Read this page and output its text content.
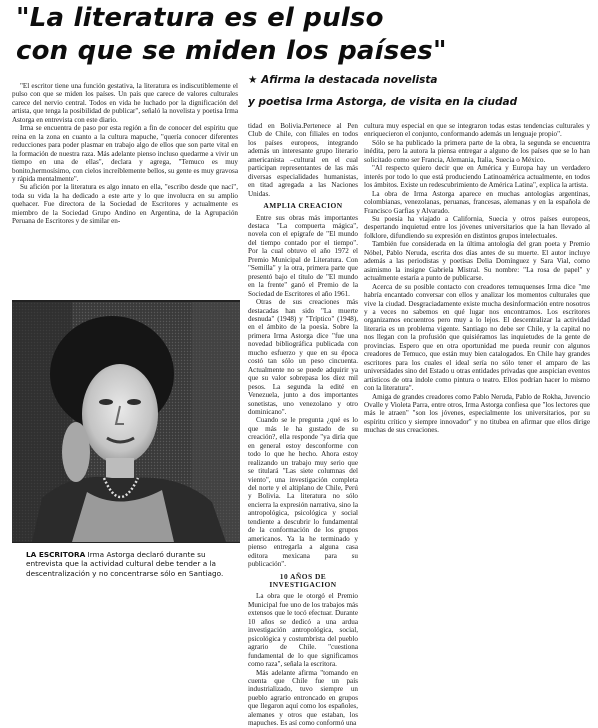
"La literatura es el pulso
con que se miden los países"
★ Afirma la destacada novelista
y poetisa Irma Astorga, de visita en la ciudad

"El escritor tiene una función gestativa, la literatura es indiscutiblemente el pulso con que se miden los países. Un país que carece de valores culturales carece del nervio central. Todos en vida he luchado por la dignificación del artista, que tenga la posibilidad de publicar", señaló la novelista y poetisa Irma Astorga en entrevista con este diario.

Irma se encuentra de paso por esta región a fin de conocer del espíritu que reina en la zona en cuanto a la cultura mapuche, "quería conocer diferentes reducciones para poder plasmar en trabajo algo de ellos que son parte vital en la formación de nuestra raza. Más adelante pienso incluso quedarme a vivir un tiempo en una de ellas", declara y agrega, "Temuco es muy bonito,hermosísimo, con cielos increíblemente bellos, su gente es muy gravosa y rápida mentalmente".

Su afición por la literatura es algo innato en ella, "escribo desde que nací", toda su vida la ha dedicado a este arte y lo que involucra en su amplio quehacer. Fue directora de la Sociedad de Escritores y actualmente es miembro de la Sociedad Grupo Andino en Argentina, de la Agrupación Peruana de Escritores y de similar en-

LA ESCRITORA Irma Astorga declaró durante su entrevista que la actividad cultural debe tender a la descentralización y no concentrarse sólo en Santiago.

tidad en Bolivia.Pertenece al Pen Club de Chile, con filiales en todos los países europeos, integrando además un interesante grupo literario americanista –cultural en el cual participan representantes de las más diversas especialidades humanistas, en titad agregada a las Naciones Unidas.

AMPLIA CREACION

Entre sus obras más importantes destaca "La compuerta mágica", novela con el epígrafe de "El mundo del tiempo contado por el tiempo". Por la cual obtuvo el año 1972 el Premio Municipal de Literatura. Con "Semilla" y la otra, primera parte que presentó bajo el título de "El mundo en la frente" ganó el Premio de la Sociedad de Escritores el año 1961.

Otras de sus creaciones más destacadas han sido "La muerte desnuda" (1948) y "Tríptico" (1948), en el ámbito de la poesía. Sobre la primera Irma Astorga dice "fue una novedad bibliográfica publicada con mucho esfuerzo y que en su época costó tan sólo un peso cincuenta. Actualmente no se puede adquirir ya que su valor sobrepasa los diez mil pesos. La segunda la edité en Venezuela, junto a dos importantes sonetistas, uno venezolano y otro dominicano".

Cuando se le pregunta ¿qué es lo que más le ha gustado de su creación?, ella responde "ya diría que en general estoy desconforme con todo lo que he hecho. Ahora estoy realizando un trabajo muy serio que se titulará "Las siete columnas del viento", una investigación completa del norte y el altiplano de Chile, Perú y Bolivia. La literatura no sólo encierra la expresión narrativa, sino la antropológica, psicológica y social tendiente a descubrir lo fundamental de la conformación de los grupos americanos. Ya la he terminado y pienso entregarla a alguna casa editora mexicana para su publicación".

10 AÑOS DE INVESTIGACION

La obra que le otorgó el Premio Municipal fue uno de los trabajos más extensos que le tocó efectuar. Durante 10 años se dedicó a una ardua investigación antropológica, social, psicológica y costumbrista del pueblo agrario de Chile. "cuestiona fundamental de lo que significamos como raza", señala la escritora.

Más adelante afirma "tomando en cuenta que Chile fue un país industrializado, tuvo siempre un pueblo agrario entroncado en grupos que llegaron aquí como los españoles, alemanes y otros que estaban, los mapuches. Es así como conformó una

cultura muy especial en que se integraron todas estas tendencias culturales y enriquecieron el conjunto, conformando además un lenguaje propio".

Sólo se ha publicado la primera parte de la obra, la segunda se encuentra inédita, pero la autora la piensa entregar a alguno de los países que se lo han solicitado como ser Francia, Alemania, Italia, Suecia o México.

"Al respecto quiero decir que en América y Europa hay un verdadero interés por todo lo que está produciendo Latinoamérica actualmente, en todos los ámbitos. Existe un redescubrimiento de América Latina", explica la artista.

La obra de Irma Astorga aparece en muchas antologías argentinas, colombianas, venezolanas, peruanas, francesas, alemanas y en la española de Francisco Garfias y Alvarado.

Su poesía ha viajado a California, Suecia y otros países europeos, despertando inquietud entre los jóvenes universitarios que la han llevado al folklore, difundiendo su expresión en distintos grupos intelectuales.

También fue considerada en la última antología del gran poeta y Premio Nóbel, Pablo Neruda, escrita dos días antes de su muerte. El autor incluye además a las periodistas y poetisas Delia Domínguez y Sara Vial, como asimismo la insigne Gabriela Mistral. Su nombre: "La rosa de papel" y actualmente estaría a punto de publicarse.

Acerca de su posible contacto con creadores temuquenses Irma dice "me habría encantado conversar con ellos y analizar los momentos culturales que vive la ciudad. Desgraciadamente existe mucha desinformación entre nosotros y a veces no sabemos en qué lugar nos encontramos. Los escritores organizamos encuentros pero muy a lo lejos. El descentralizar la actividad literaria es un problema vigente. Santiago no debe ser Chile, y la capital no nos llegan con la profusión que quisiéramos las inquietudes de la gente de provincias. Espero que en otra oportunidad me pueda reunir con algunos creadores de Temuco, que están muy bien catalogados. En Chile hay grandes escritores para los cuales el ideal sería no sólo tener el amparo de las universidades sino del Estado u otras entidades privadas que auspician eventos artísticos de otra índole como pintura o teatro. Ellos podrían hacer lo mismo con la literatura".

Amiga de grandes creadores como Pablo Neruda, Pablo de Rokha, Juvencio Ovalle y Violeta Parra, entre otros, Irma Astorga confiesa que "los lectores que más le atraen" "son los jóvenes, especialmente los universitarios, por su espíritu crítico y siempre innovador" y no titubea en afirmar que ellos dirige muchas de sus creaciones.
